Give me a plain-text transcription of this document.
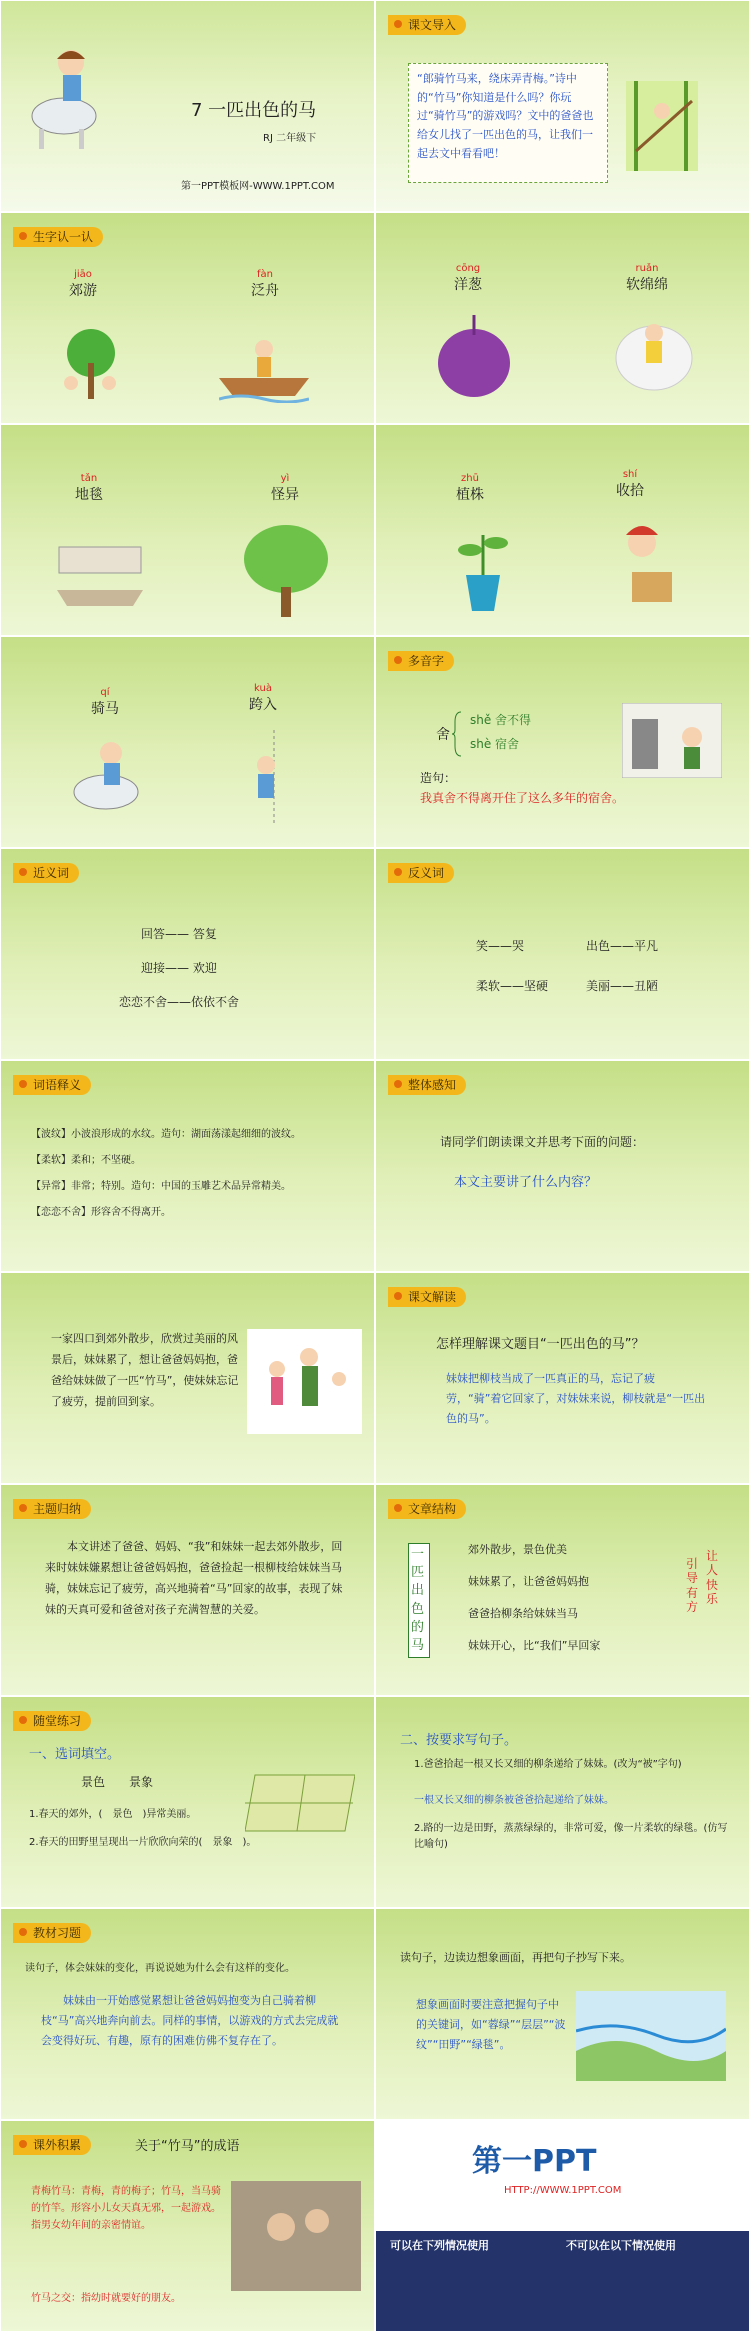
7 一匹出色的马
RJ 二年级下
第一PPT模板网-WWW.1PPT.COM
课文导入
“郎骑竹马来，绕床弄青梅。”诗中的“竹马”你知道是什么吗？你玩过“骑竹马”的游戏吗？文中的爸爸也给女儿找了一匹出色的马，让我们一起去文中看看吧！
生字认一认
jiāo
郊游
fàn
泛舟
cōng
洋葱
ruǎn
软绵绵
tǎn
地毯
yì
怪异
zhū
植株
shí
收拾
qí
骑马
kuà
跨入
多音字
舍
shě 舍不得
shè 宿舍
造句：
我真舍不得离开住了这么多年的宿舍。
近义词
回答—— 答复
迎接—— 欢迎
恋恋不舍——依依不舍
反义词
笑——哭	出色——平凡
柔软——坚硬	美丽——丑陋
词语释义
【波纹】小波浪形成的水纹。造句：湖面荡漾起细细的波纹。
【柔软】柔和；不坚硬。
【异常】非常；特别。造句：中国的玉雕艺术品异常精美。
【恋恋不舍】形容舍不得离开。
整体感知
请同学们朗读课文并思考下面的问题：
本文主要讲了什么内容？
一家四口到郊外散步，欣赏过美丽的风景后，妹妹累了，想让爸爸妈妈抱，爸爸给妹妹做了一匹“竹马”，使妹妹忘记了疲劳，提前回到家。
课文解读
怎样理解课文题目“一匹出色的马”？
妹妹把柳枝当成了一匹真正的马，忘记了疲劳，“骑”着它回家了，对妹妹来说，柳枝就是“一匹出色的马”。
主题归纳
本文讲述了爸爸、妈妈、“我”和妹妹一起去郊外散步，回来时妹妹嫌累想让爸爸妈妈抱，爸爸捡起一根柳枝给妹妹当马骑，妹妹忘记了疲劳，高兴地骑着“马”回家的故事，表现了妹妹的天真可爱和爸爸对孩子充满智慧的关爱。
文章结构
一匹出色的马
郊外散步，景色优美
妹妹累了，让爸爸妈妈抱
爸爸拾柳条给妹妹当马
妹妹开心，比“我们”早回家
引导有方
让人快乐
随堂练习
一、选词填空。
景色　　景象
1.春天的郊外，(　景色　)异常美丽。
2.春天的田野里呈现出一片欣欣向荣的(　景象　)。
二、按要求写句子。
1.爸爸拾起一根又长又细的柳条递给了妹妹。(改为“被”字句)
一根又长又细的柳条被爸爸拾起递给了妹妹。
2.路的一边是田野，蒸蒸绿绿的，非常可爱，像一片柔软的绿毯。(仿写比喻句)
教材习题
读句子，体会妹妹的变化，再说说她为什么会有这样的变化。
妹妹由一开始感觉累想让爸爸妈妈抱变为自己骑着柳枝“马”高兴地奔向前去。同样的事情，以游戏的方式去完成就会变得好玩、有趣，原有的困难仿佛不复存在了。
读句子，边读边想象画面，再把句子抄写下来。
想象画面时要注意把握句子中的关键词，如“蓉绿”“层层”“波纹”“田野”“绿毯”。
课外积累	关于“竹马”的成语
青梅竹马：青梅，青的梅子；竹马，当马骑的竹竿。形容小儿女天真无邪，一起游戏。指男女幼年间的亲密情谊。
竹马之交：指幼时就要好的朋友。
第一PPT
HTTP://WWW.1PPT.COM
可以在下列情况使用	不可以在以下情况使用
